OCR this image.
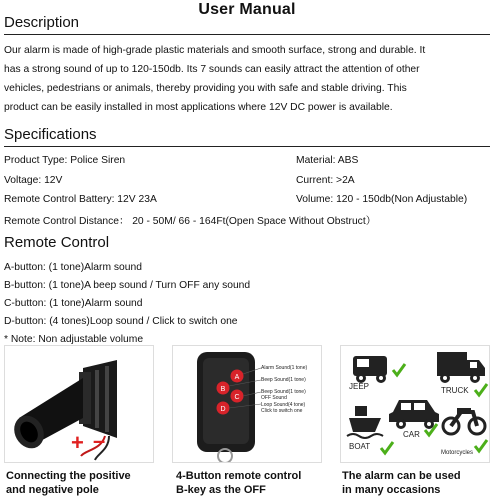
User Manual
Description
Our alarm is made of high-grade plastic materials and smooth surface, strong and durable. It
has a strong sound of up to 120-150db. Its 7 sounds can easily attract the attention of other
vehicles, pedestrians or animals, thereby providing you with safe and stable driving. This
product can be easily installed in most applications where 12V DC power is available.
Specifications
Product Type: Police Siren	Material: ABS
Voltage: 12V	Current: >2A
Remote Control Battery: 12V 23A	Volume: 120 - 150db(Non Adjustable)
Remote Control Distance： 20 - 50M/ 66 - 164Ft(Open Space Without Obstruct）
Remote Control
A-button: (1 tone)Alarm sound
B-button: (1 tone)A beep sound / Turn OFF any sound
C-button: (1 tone)Alarm sound
D-button: (4 tones)Loop sound / Click to switch one
* Note: Non adjustable volume
+ –
Connecting the positive
and negative pole
A
B
C
D
Alarm Sound(1 tone)
Beep Sound(1 tone)
Beep Sound(1 tone)
OFF Sound
Loop Sound(4 tone)
Click to switch one
4-Button remote control
B-key as the OFF
JEEP	TRUCK
CAR
BOAT
Motorcycles
The alarm can be used
in many occasions
